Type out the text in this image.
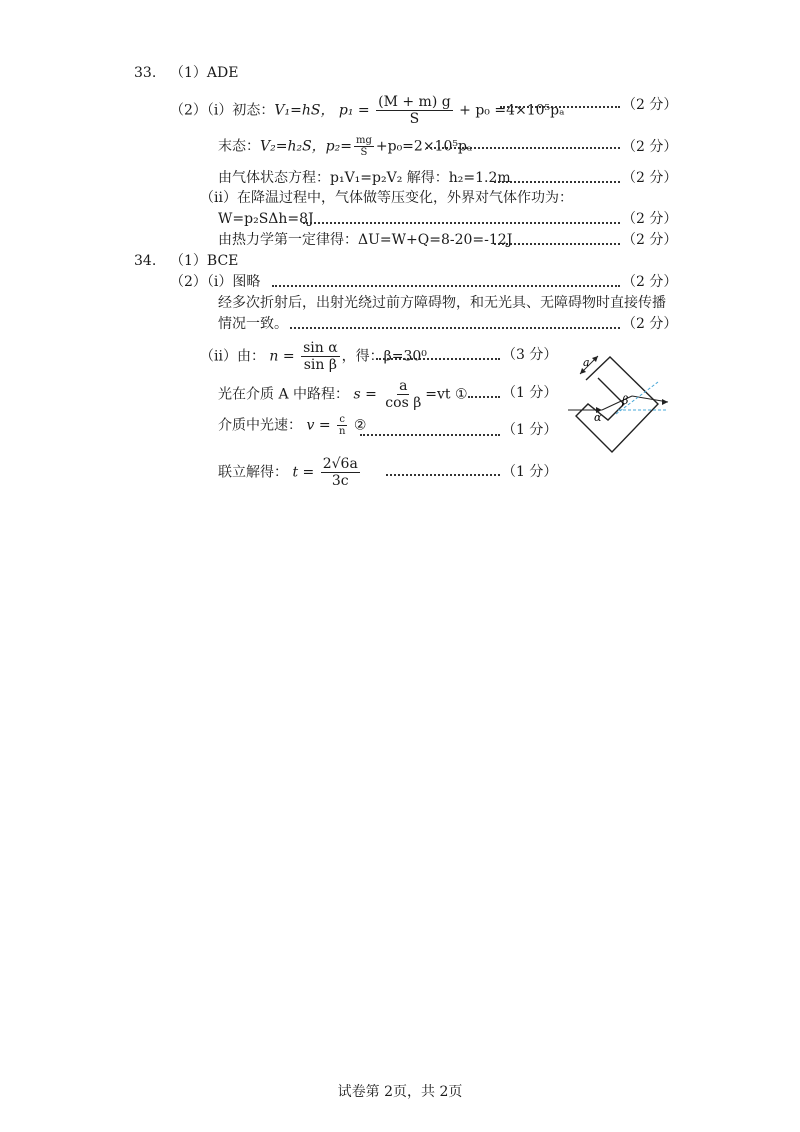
33. （1）ADE
（2）（ⅰ）初态：V₁=hS， $p_1 = \frac{(M + m) g}{S} + p_0 =4\times 10^5p_a$	（2 分）
末态：V₂=h₂S，$p_2= \frac{mg}{S} +p_0=2\times 10^5p_a$	（2 分）
由气体状态方程：p₁V₁=p₂V₂ 解得：h₂=1.2m	（2 分）
（ⅱ）在降温过程中，气体做等压变化，外界对气体作功为：
W=p₂SΔh=8J	（2 分）
由热力学第一定律得：ΔU=W+Q=8-20=-12J	（2 分）
34. （1）BCE
（2）（ⅰ）图略	（2 分）
经多次折射后，出射光绕过前方障碍物，和无光具、无障碍物时直接传播
情况一致。	（2 分）
（ⅱ）由： $n = \frac{\text{sin α}}{\text{sin β}}$ ，得：β=30⁰	（3 分）
光在介质 A 中路程： $s = \frac{a}{\text{cos β}} =vt$ ① （1 分）
介质中光速： $v = \frac{c}{n}$ ②	（1 分）
联立解得： $t = \frac{2√6a}{3c}$	（1 分）
a
β
α
试卷第 2页，共 2页
